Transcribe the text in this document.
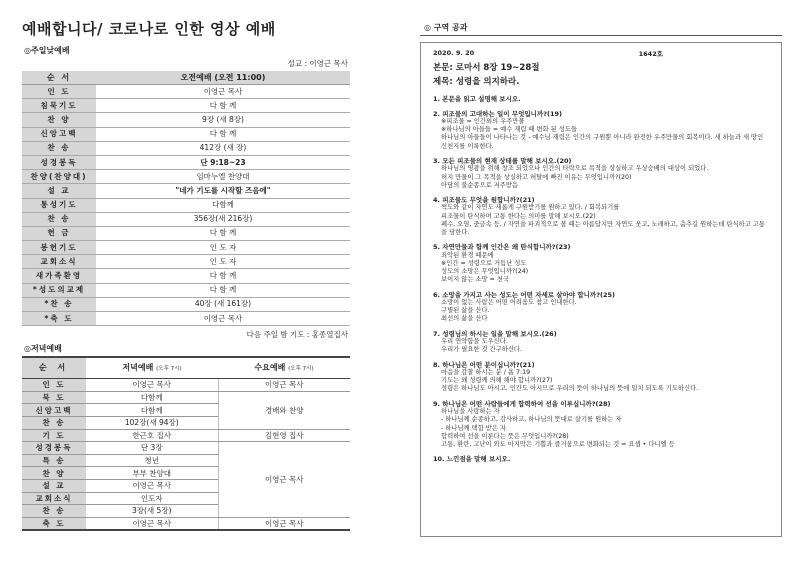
예배합니다/ 코로나로 인한 영상 예배
◎주일낮예배
설교 : 이영근 목사
순 서	오전예배 (오전 11:00)
인 도	이영근 목사
침묵기도	다 함 께
찬 양	9장 (새 8장)
신앙고백	다 함 께
찬 송	412장 (새 장)
성경봉독	단 9:18~23
찬양(찬양대)	임마누엘 찬양대
설 교	"네가 기도를 시작할 즈음에"
통성기도	다함께
찬 송	356장(새 216장)
헌 금	다 함 께
봉헌기도	인 도 자
교회소식	인 도 자
새가족환영	다 함 께
*성도의교제	다 함 께
*찬 송	40장 (새 161장)
*축 도	이영근 목사
다음 주일 밤 기도 : 홍종열집사
◎저녁예배
순 서	저녁예배 (오후 7시)	수요예배 (오후 7시)
인 도	이영근 목사	이영근 목사
묵 도	다함께	경배와 찬양
신앙고백	다함께	
찬 송	102장(새 94장)	
기 도	한근호 집사	김현영 집사
성경봉독	단 3장	이영근 목사
특 송	청년	
찬 양	부부 찬양대	
설 교	이영근 목사	
교회소식	인도자	
찬 송	3장(새 5장)	
축 도	이영근 목사	이영근 목사
◎ 구역 공과
2020. 9. 20	1642호
본문: 로마서 8장 19~28절
제목: 성령을 의지하라.
1. 본문을 읽고 설명해 보시오.
2. 피조물의 고대하는 일이 무엇입니까?(19)
※피조물 = 인간외의 우주만물
※하나님의 아들들 = 예수 재림 때 변화 된 성도들
하나님의 아들들이 나타나는 것 - 예수님 재림은 인간의 구원뿐 아니라 완전한 우주만물의 회복이다. 새 하늘과 새 땅인 신천지를 이룩한다.
3. 모든 피조물의 현재 상태를 말해 보시오.(20)
하나님의 영광을 위해 창조 되었으나 인간의 타락으로 목적을 상실하고 우상숭배의 대상이 되었다.
허지 만물이 그 목적을 상실하고 허탈에 빠진 이유는 무엇입니까?(20)
아담의 불순종으로 저주받음
4. 피조물도 무엇을 원합니까?(21)
썩도와 같이 자연도 새롭게 구원받기를 원하고 있다. / 회복되기를
피조물이 탄식하며 고통 한다는 의미를 말해 보시오.(22)
폐수, 오염, 중금속 등. / 자연을 파괴적으로 볼 때는 아름답지만 자연도 웃고, 노래하고, 춤추길 원하는데 탄식하고 고통을 당한다.
5. 자연만물과 함께 인간은 왜 탄식합니까?(23)
죄악된 환경 때문에
※인간 = 성령으로 거듭난 성도
성도의 소망은 무엇입니까?(24)
보이지 않는 소망 = 천국
6. 소망을 가지고 사는 성도는 어떤 자세로 살아야 합니까?(25)
소망이 없는 사람은 어떤 어려움도 참고 인내한다.
구별된 삶을 산다.
최선의 삶을 산다
7. 성령님의 하시는 일을 말해 보시오.(26)
우리 연약함을 도우신다.
우리가 필요한 것 간구하신다.
8. 하나님은 어떤 분이십니까?(21)
마음을 감찰 하시는 분 / 욥 7:19
기도는 왜 성령께 의해 해야 합니까?(27)
성령은 하나님도 아시고, 인간도 아시므로 우리의 뜻이 하나님의 뜻에 일치 되도록 기도하신다.
9. 하나님은 어떤 사람들에게 합력하여 선을 이루십니까?(28)
하나님을 사랑하는 자
- 하나님께 순종하고, 감사하고, 하나님의 뜻대로 살기를 원하는 자
- 하나님께 택함 받은 자
합력하여 선을 이룬다는 뜻은 무엇입니까?(28)
고통, 환란, 고난이 와도 마지막은 기쁨과 즐거움으로 변화되는 것 = 요셉 • 다니엘 등
10. 느낀점을 말해 보시오.
